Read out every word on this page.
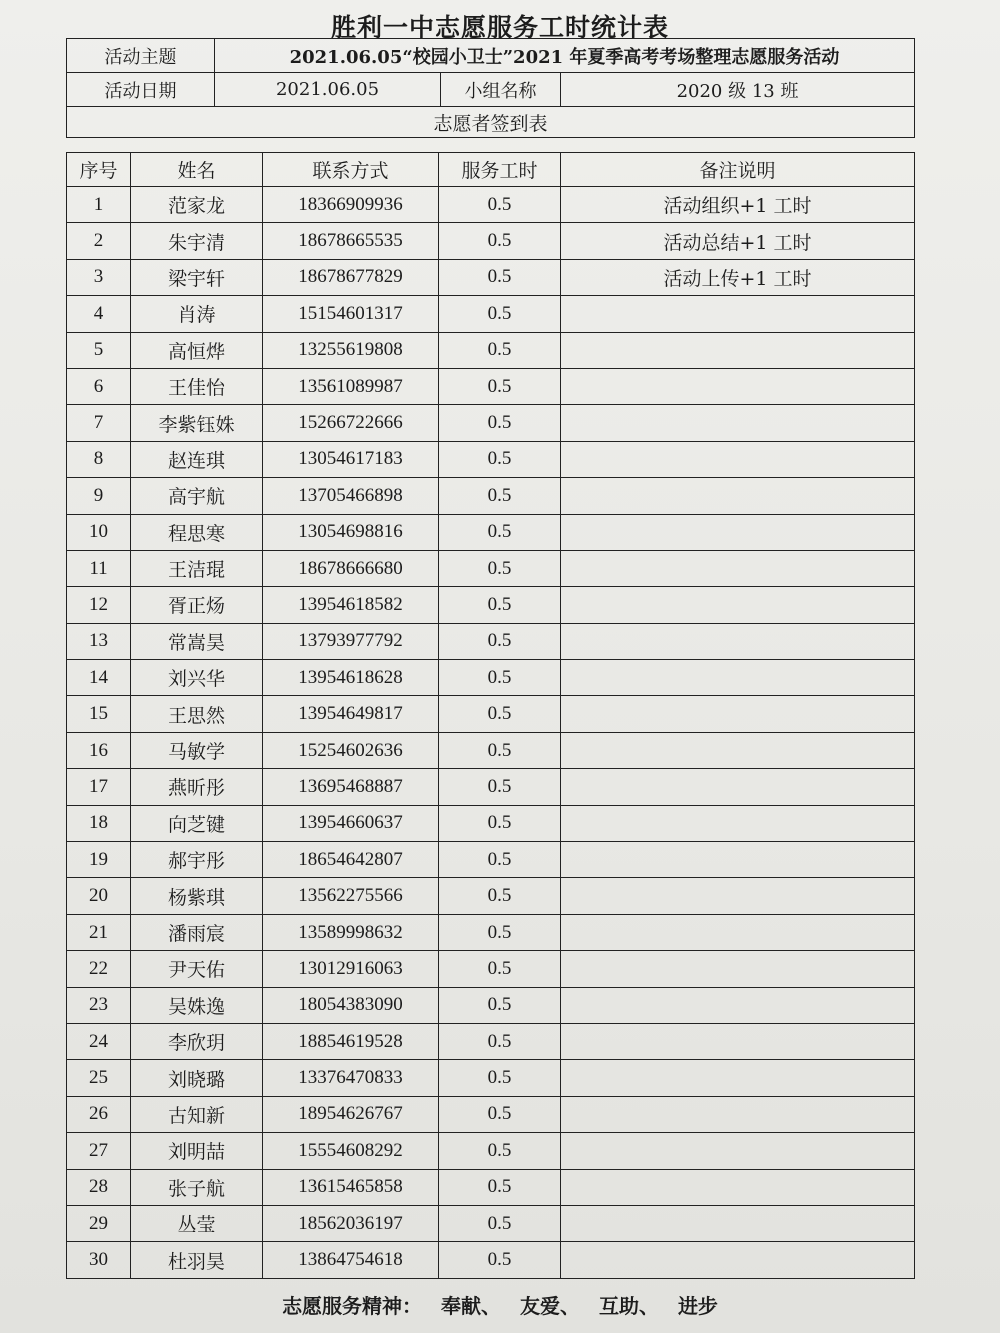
胜利一中志愿服务工时统计表
活动主题	2021.06.05“校园小卫士”2021 年夏季高考考场整理志愿服务活动		
活动日期	2021.06.05	小组名称	2020 级 13 班
志愿者签到表			
序号	姓名	联系方式	服务工时	备注说明
1	范家龙	18366909936	0.5	活动组织+1 工时
2	朱宇清	18678665535	0.5	活动总结+1 工时
3	梁宇轩	18678677829	0.5	活动上传+1 工时
4	肖涛	15154601317	0.5	
5	高恒烨	13255619808	0.5	
6	王佳怡	13561089987	0.5	
7	李紫钰姝	15266722666	0.5	
8	赵连琪	13054617183	0.5	
9	高宇航	13705466898	0.5	
10	程思寒	13054698816	0.5	
11	王洁琨	18678666680	0.5	
12	胥正炀	13954618582	0.5	
13	常嵩昊	13793977792	0.5	
14	刘兴华	13954618628	0.5	
15	王思然	13954649817	0.5	
16	马敏学	15254602636	0.5	
17	燕昕彤	13695468887	0.5	
18	向芝键	13954660637	0.5	
19	郝宇彤	18654642807	0.5	
20	杨紫琪	13562275566	0.5	
21	潘雨宸	13589998632	0.5	
22	尹天佑	13012916063	0.5	
23	吴姝逸	18054383090	0.5	
24	李欣玥	18854619528	0.5	
25	刘晓璐	13376470833	0.5	
26	古知新	18954626767	0.5	
27	刘明喆	15554608292	0.5	
28	张子航	13615465858	0.5	
29	丛莹	18562036197	0.5	
30	杜羽昊	13864754618	0.5	
志愿服务精神： 奉献、 友爱、 互助、 进步
